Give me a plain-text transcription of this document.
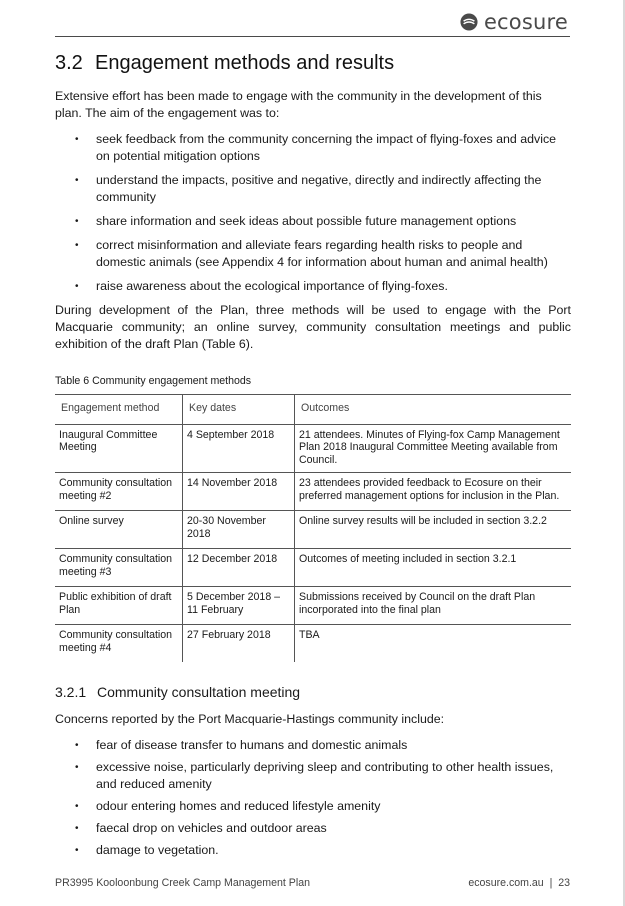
ecosure
3.2 Engagement methods and results

Extensive effort has been made to engage with the community in the development of this plan. The aim of the engagement was to:

• seek feedback from the community concerning the impact of flying-foxes and advice on potential mitigation options
• understand the impacts, positive and negative, directly and indirectly affecting the community
• share information and seek ideas about possible future management options
• correct misinformation and alleviate fears regarding health risks to people and domestic animals (see Appendix 4 for information about human and animal health)
• raise awareness about the ecological importance of flying-foxes.

During development of the Plan, three methods will be used to engage with the Port Macquarie community; an online survey, community consultation meetings and public exhibition of the draft Plan (Table 6).

Table 6 Community engagement methods
Engagement method	Key dates	Outcomes
Inaugural Committee Meeting	4 September 2018	21 attendees. Minutes of Flying-fox Camp Management Plan 2018 Inaugural Committee Meeting available from Council.
Community consultation meeting #2	14 November 2018	23 attendees provided feedback to Ecosure on their preferred management options for inclusion in the Plan.
Online survey	20-30 November 2018	Online survey results will be included in section 3.2.2
Community consultation meeting #3	12 December 2018	Outcomes of meeting included in section 3.2.1
Public exhibition of draft Plan	5 December 2018 – 11 February	Submissions received by Council on the draft Plan incorporated into the final plan
Community consultation meeting #4	27 February 2018	TBA
3.2.1 Community consultation meeting

Concerns reported by the Port Macquarie-Hastings community include:

• fear of disease transfer to humans and domestic animals
• excessive noise, particularly depriving sleep and contributing to other health issues, and reduced amenity
• odour entering homes and reduced lifestyle amenity
• faecal drop on vehicles and outdoor areas
• damage to vegetation.
PR3995 Kooloonbung Creek Camp Management Plan	ecosure.com.au  |  23
